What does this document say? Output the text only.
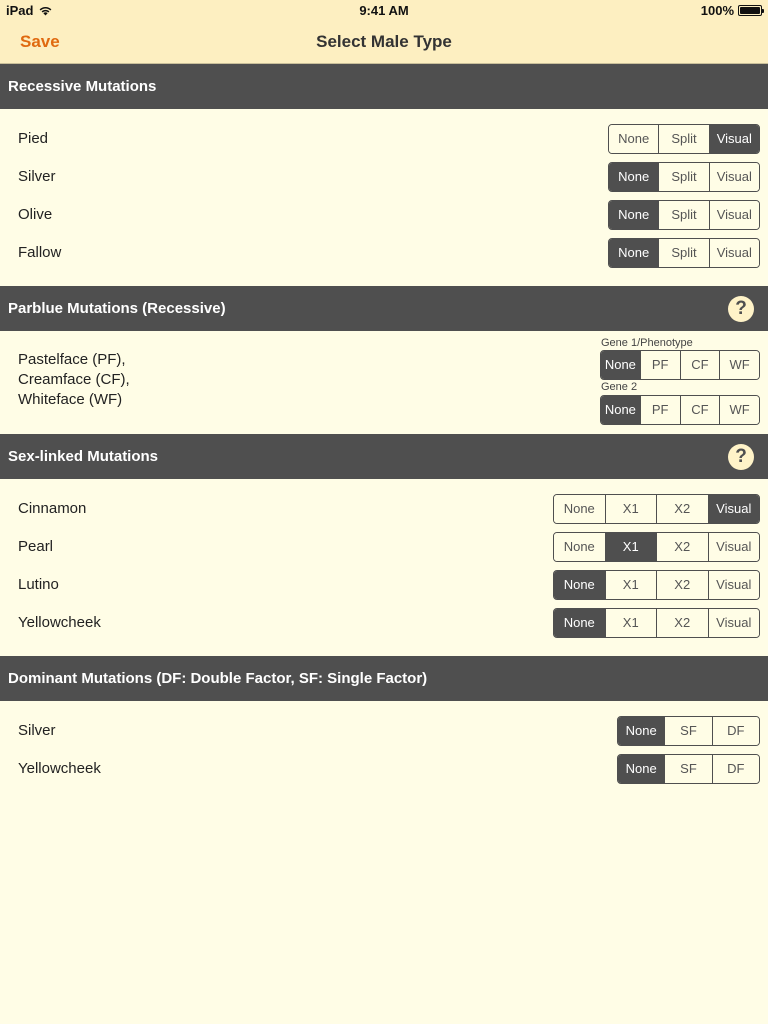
iPad	9:41 AM	100%
Save	Select Male Type
Recessive Mutations
Pied	None	Split	Visual
Silver	None	Split	Visual
Olive	None	Split	Visual
Fallow	None	Split	Visual
Parblue Mutations (Recessive)	?
Pastelface (PF),
Creamface (CF),
Whiteface (WF)
Gene 1/Phenotype
None	PF	CF	WF
Gene 2
None	PF	CF	WF
Sex-linked Mutations	?
Cinnamon	None	X1	X2	Visual
Pearl	None	X1	X2	Visual
Lutino	None	X1	X2	Visual
Yellowcheek	None	X1	X2	Visual
Dominant Mutations (DF: Double Factor, SF: Single Factor)
Silver	None	SF	DF
Yellowcheek	None	SF	DF
